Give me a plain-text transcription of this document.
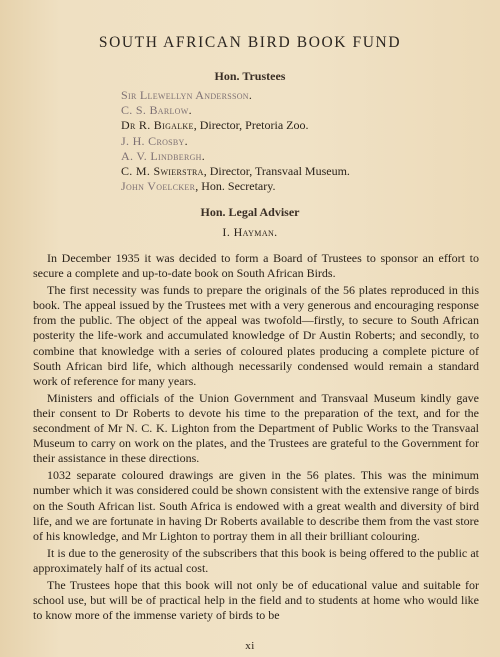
SOUTH AFRICAN BIRD BOOK FUND
Hon. Trustees
Sir Llewellyn Andersson.
C. S. Barlow.
Dr R. Bigalke, Director, Pretoria Zoo.
J. H. Crosby.
A. V. Lindbergh.
C. M. Swierstra, Director, Transvaal Museum.
John Voelcker, Hon. Secretary.
Hon. Legal Adviser
I. Hayman.

In December 1935 it was decided to form a Board of Trustees to sponsor an effort to secure a complete and up-to-date book on South African Birds.

The first necessity was funds to prepare the originals of the 56 plates reproduced in this book. The appeal issued by the Trustees met with a very generous and encouraging response from the public. The object of the appeal was twofold—firstly, to secure to South African posterity the life-work and accumulated knowledge of Dr Austin Roberts; and secondly, to combine that knowledge with a series of coloured plates producing a complete picture of South African bird life, which although necessarily condensed would remain a standard work of reference for many years.

Ministers and officials of the Union Government and Transvaal Museum kindly gave their consent to Dr Roberts to devote his time to the preparation of the text, and for the secondment of Mr N. C. K. Lighton from the Department of Public Works to the Transvaal Museum to carry on work on the plates, and the Trustees are grateful to the Government for their assistance in these directions.

1032 separate coloured drawings are given in the 56 plates. This was the minimum number which it was considered could be shown consistent with the extensive range of birds on the South African list. South Africa is endowed with a great wealth and diversity of bird life, and we are fortunate in having Dr Roberts available to describe them from the vast store of his knowledge, and Mr Lighton to portray them in all their brilliant colouring.

It is due to the generosity of the subscribers that this book is being offered to the public at approximately half of its actual cost.

The Trustees hope that this book will not only be of educational value and suitable for school use, but will be of practical help in the field and to students at home who would like to know more of the immense variety of birds to be

xi
